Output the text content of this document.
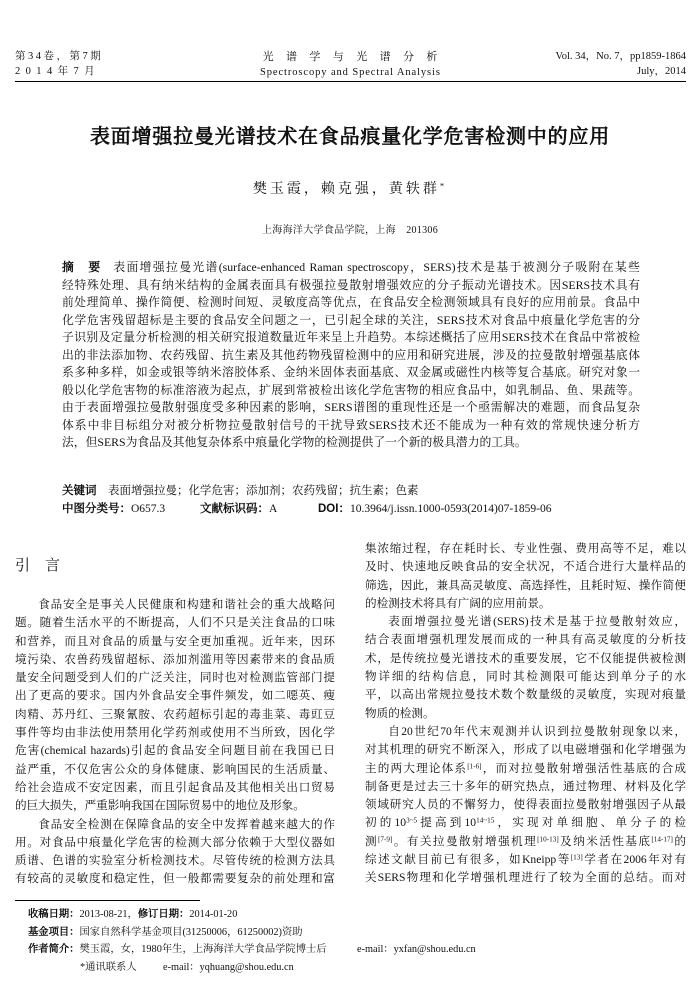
第34卷，第7期
2014年7月
光谱学与光谱分析
Spectroscopy and Spectral Analysis
Vol. 34，No. 7，pp1859-1864
July，2014
表面增强拉曼光谱技术在食品痕量化学危害检测中的应用
樊玉霞，赖克强，黄轶群*
上海海洋大学食品学院，上海　201306
摘　要 表面增强拉曼光谱(surface-enhanced Raman spectroscopy，SERS)技术是基于被测分子吸附在某些
经特殊处理、具有纳米结构的金属表面具有极强拉曼散射增强效应的分子振动光谱技术。因SERS技术具有
前处理简单、操作简便、检测时间短、灵敏度高等优点，在食品安全检测领域具有良好的应用前景。食品中
化学危害残留超标是主要的食品安全问题之一，已引起全球的关注，SERS技术对食品中痕量化学危害的分
子识别及定量分析检测的相关研究报道数量近年来呈上升趋势。本综述概括了应用SERS技术在食品中常被检
出的非法添加物、农药残留、抗生素及其他药物残留检测中的应用和研究进展，涉及的拉曼散射增强基底体
系多种多样，如金或银等纳米溶胶体系、金纳米固体表面基底、双金属或磁性内核等复合基底。研究对象一
般以化学危害物的标准溶液为起点，扩展到常被检出该化学危害物的相应食品中，如乳制品、鱼、果蔬等。
由于表面增强拉曼散射强度受多种因素的影响，SERS谱图的重现性还是一个亟需解决的难题，而食品复杂
体系中非目标组分对被分析物拉曼散射信号的干扰导致SERS技术还不能成为一种有效的常规快速分析方
法，但SERS为食品及其他复杂体系中痕量化学物的检测提供了一个新的极具潜力的工具。
关键词 表面增强拉曼；化学危害；添加剂；农药残留；抗生素；色素
中图分类号：O657.3	文献标识码：A	DOI：10.3964/j.issn.1000-0593(2014)07-1859-06
引　言
食品安全是事关人民健康和构建和谐社会的重大战略问
题。随着生活水平的不断提高，人们不只是关注食品的口味
和营养，而且对食品的质量与安全更加重视。近年来，因环
境污染、农兽药残留超标、添加剂滥用等因素带来的食品质
量安全问题受到人们的广泛关注，同时也对检测监管部门提
出了更高的要求。国内外食品安全事件频发，如二噁英、瘦
肉精、苏丹红、三聚氰胺、农药超标引起的毒韭菜、毒豇豆
事件等均由非法使用禁用化学药剂或使用不当所致，因化学
危害(chemical hazards)引起的食品安全问题目前在我国已日
益严重，不仅危害公众的身体健康、影响国民的生活质量、
给社会造成不安定因素，而且引起食品及其他相关出口贸易
的巨大损失，严重影响我国在国际贸易中的地位及形象。
食品安全检测在保障食品的安全中发挥着越来越大的作
用。对食品中痕量化学危害的检测大部分依赖于大型仪器如
质谱、色谱的实验室分析检测技术。尽管传统的检测方法具
有较高的灵敏度和稳定性，但一般都需要复杂的前处理和富
集浓缩过程，存在耗时长、专业性强、费用高等不足，难以
及时、快速地反映食品的安全状况，不适合进行大量样品的
筛选，因此，兼具高灵敏度、高选择性，且耗时短、操作简便
的检测技术将具有广阔的应用前景。
表面增强拉曼光谱(SERS)技术是基于拉曼散射效应，
结合表面增强机理发展而成的一种具有高灵敏度的分析技
术，是传统拉曼光谱技术的重要发展，它不仅能提供被检测
物详细的结构信息，同时其检测限可能达到单分子的水
平，以高出常规拉曼技术数个数量级的灵敏度，实现对痕量
物质的检测。
自20世纪70年代末观测并认识到拉曼散射现象以来，
对其机理的研究不断深入，形成了以电磁增强和化学增强为
主的两大理论体系[1-6]，而对拉曼散射增强活性基底的合成
制备更是过去三十多年的研究热点，通过物理、材料及化学
领域研究人员的不懈努力，使得表面拉曼散射增强因子从最
初的$10^{3\sim 5}$提高到$10^{14\sim 15}$，实现对单细胞、单分子的检
测[7-9]。有关拉曼散射增强机理[10-13]及纳米活性基底[14-17]的
综述文献目前已有很多，如Kneipp等[13]学者在2006年对有
关SERS物理和化学增强机理进行了较为全面的总结。而对
收稿日期：2013-08-21，修订日期：2014-01-20
基金项目：国家自然科学基金项目(31250006，61250002)资助
作者简介：樊玉霞，女，1980年生，上海海洋大学食品学院博士后	e-mail：yxfan@shou.edu.cn
*通讯联系人	e-mail：yqhuang@shou.edu.cn
